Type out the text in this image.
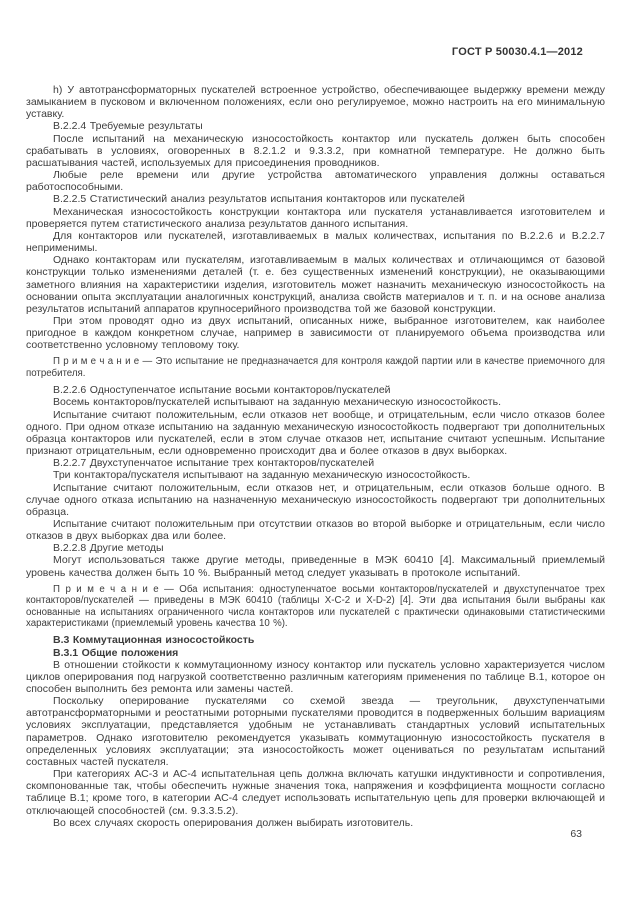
ГОСТ Р 50030.4.1—2012

h) У автотрансформаторных пускателей встроенное устройство, обеспечивающее выдержку времени между замыканием в пусковом и включенном положениях, если оно регулируемое, можно настроить на его минимальную уставку.

В.2.2.4 Требуемые результаты

После испытаний на механическую износостойкость контактор или пускатель должен быть способен срабатывать в условиях, оговоренных в 8.2.1.2 и 9.3.3.2, при комнатной температуре. Не должно быть расшатывания частей, используемых для присоединения проводников.

Любые реле времени или другие устройства автоматического управления должны оставаться работоспособными.

В.2.2.5 Статистический анализ результатов испытания контакторов или пускателей

Механическая износостойкость конструкции контактора или пускателя устанавливается изготовителем и проверяется путем статистического анализа результатов данного испытания.

Для контакторов или пускателей, изготавливаемых в малых количествах, испытания по В.2.2.6 и В.2.2.7 неприменимы.

Однако контакторам или пускателям, изготавливаемым в малых количествах и отличающимся от базовой конструкции только изменениями деталей (т. е. без существенных изменений конструкции), не оказывающими заметного влияния на характеристики изделия, изготовитель может назначить механическую износостойкость на основании опыта эксплуатации аналогичных конструкций, анализа свойств материалов и т. п. и на основе анализа результатов испытаний аппаратов крупносерийного производства той же базовой конструкции.

При этом проводят одно из двух испытаний, описанных ниже, выбранное изготовителем, как наиболее пригодное в каждом конкретном случае, например в зависимости от планируемого объема производства или соответственно условному тепловому току.

П р и м е ч а н и е — Это испытание не предназначается для контроля каждой партии или в качестве приемочного для потребителя.

В.2.2.6 Одноступенчатое испытание восьми контакторов/пускателей

Восемь контакторов/пускателей испытывают на заданную механическую износостойкость.

Испытание считают положительным, если отказов нет вообще, и отрицательным, если число отказов более одного. При одном отказе испытанию на заданную механическую износостойкость подвергают три дополнительных образца контакторов или пускателей, если в этом случае отказов нет, испытание считают успешным. Испытание признают отрицательным, если одновременно происходит два и более отказов в двух выборках.

В.2.2.7 Двухступенчатое испытание трех контакторов/пускателей

Три контактора/пускателя испытывают на заданную механическую износостойкость.

Испытание считают положительным, если отказов нет, и отрицательным, если отказов больше одного. В случае одного отказа испытанию на назначенную механическую износостойкость подвергают три дополнительных образца.

Испытание считают положительным при отсутствии отказов во второй выборке и отрицательным, если число отказов в двух выборках два или более.

В.2.2.8 Другие методы

Могут использоваться также другие методы, приведенные в МЭК 60410 [4]. Максимальный приемлемый уровень качества должен быть 10 %. Выбранный метод следует указывать в протоколе испытаний.

П р и м е ч а н и е — Оба испытания: одноступенчатое восьми контакторов/пускателей и двухступенчатое трех контакторов/пускателей — приведены в МЭК 60410 (таблицы X-C-2 и X-D-2) [4]. Эти два испытания были выбраны как основанные на испытаниях ограниченного числа контакторов или пускателей с практически одинаковыми статистическими характеристиками (приемлемый уровень качества 10 %).

В.3 Коммутационная износостойкость

В.3.1 Общие положения

В отношении стойкости к коммутационному износу контактор или пускатель условно характеризуется числом циклов оперирования под нагрузкой соответственно различным категориям применения по таблице В.1, которое он способен выполнить без ремонта или замены частей.

Поскольку оперирование пускателями со схемой звезда — треугольник, двухступенчатыми автотрансформаторными и реостатными роторными пускателями проводится в подверженных большим вариациям условиях эксплуатации, представляется удобным не устанавливать стандартных условий испытательных параметров. Однако изготовителю рекомендуется указывать коммутационную износостойкость пускателя в определенных условиях эксплуатации; эта износостойкость может оцениваться по результатам испытаний составных частей пускателя.

При категориях АС-3 и АС-4 испытательная цепь должна включать катушки индуктивности и сопротивления, скомпонованные так, чтобы обеспечить нужные значения тока, напряжения и коэффициента мощности согласно таблице В.1; кроме того, в категории АС-4 следует использовать испытательную цепь для проверки включающей и отключающей способностей (см. 9.3.3.5.2).

Во всех случаях скорость оперирования должен выбирать изготовитель.

63
